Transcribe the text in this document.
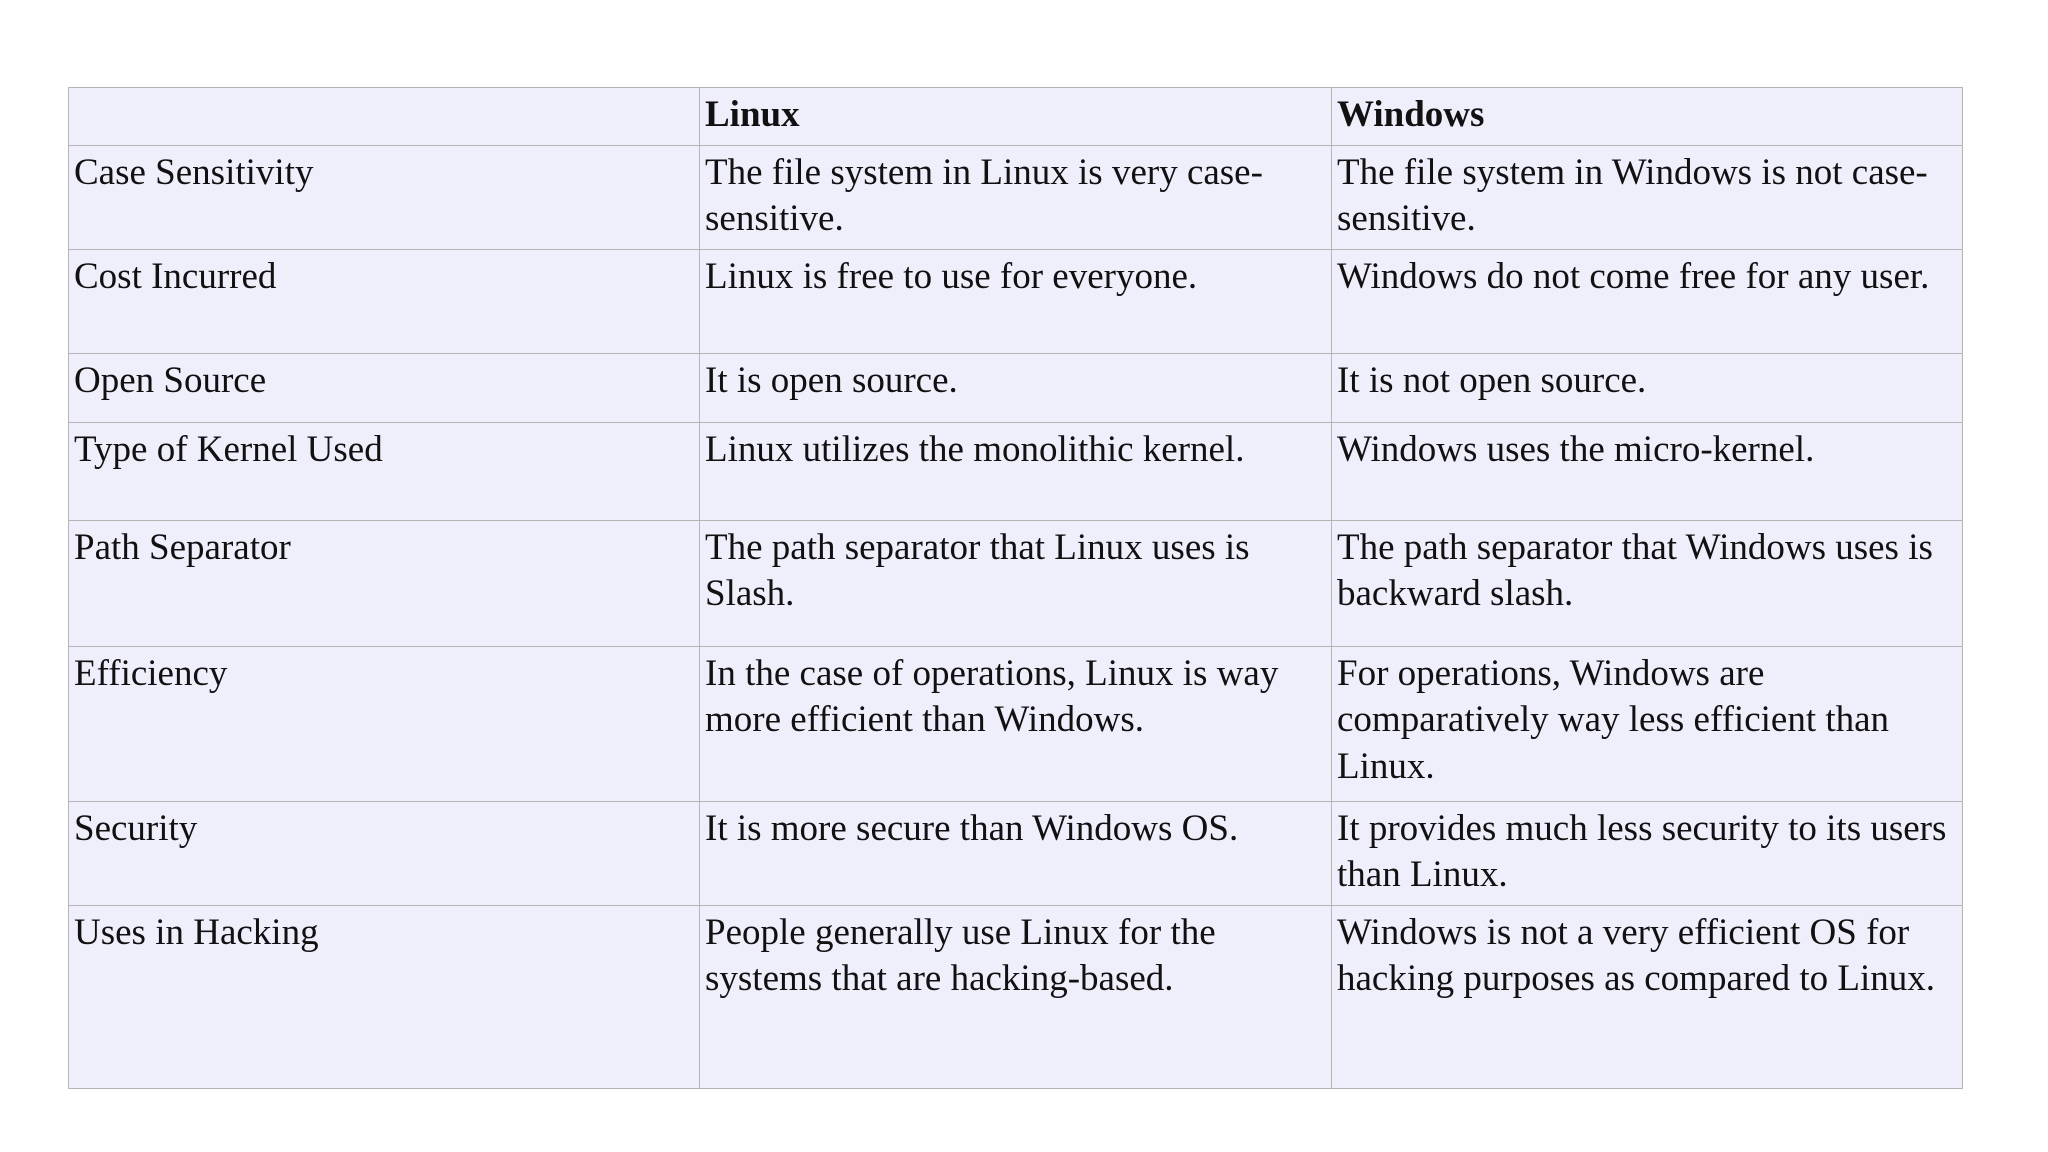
	Linux	Windows
Case Sensitivity	The file system in Linux is very case-sensitive.	The file system in Windows is not case-sensitive.
Cost Incurred	Linux is free to use for everyone.	Windows do not come free for any user.
Open Source	It is open source.	It is not open source.
Type of Kernel Used	Linux utilizes the monolithic kernel.	Windows uses the micro-kernel.
Path Separator	The path separator that Linux uses is Slash.	The path separator that Windows uses is backward slash.
Efficiency	In the case of operations, Linux is way more efficient than Windows.	For operations, Windows are comparatively way less efficient than Linux.
Security	It is more secure than Windows OS.	It provides much less security to its users than Linux.
Uses in Hacking	People generally use Linux for the systems that are hacking-based.	Windows is not a very efficient OS for hacking purposes as compared to Linux.
